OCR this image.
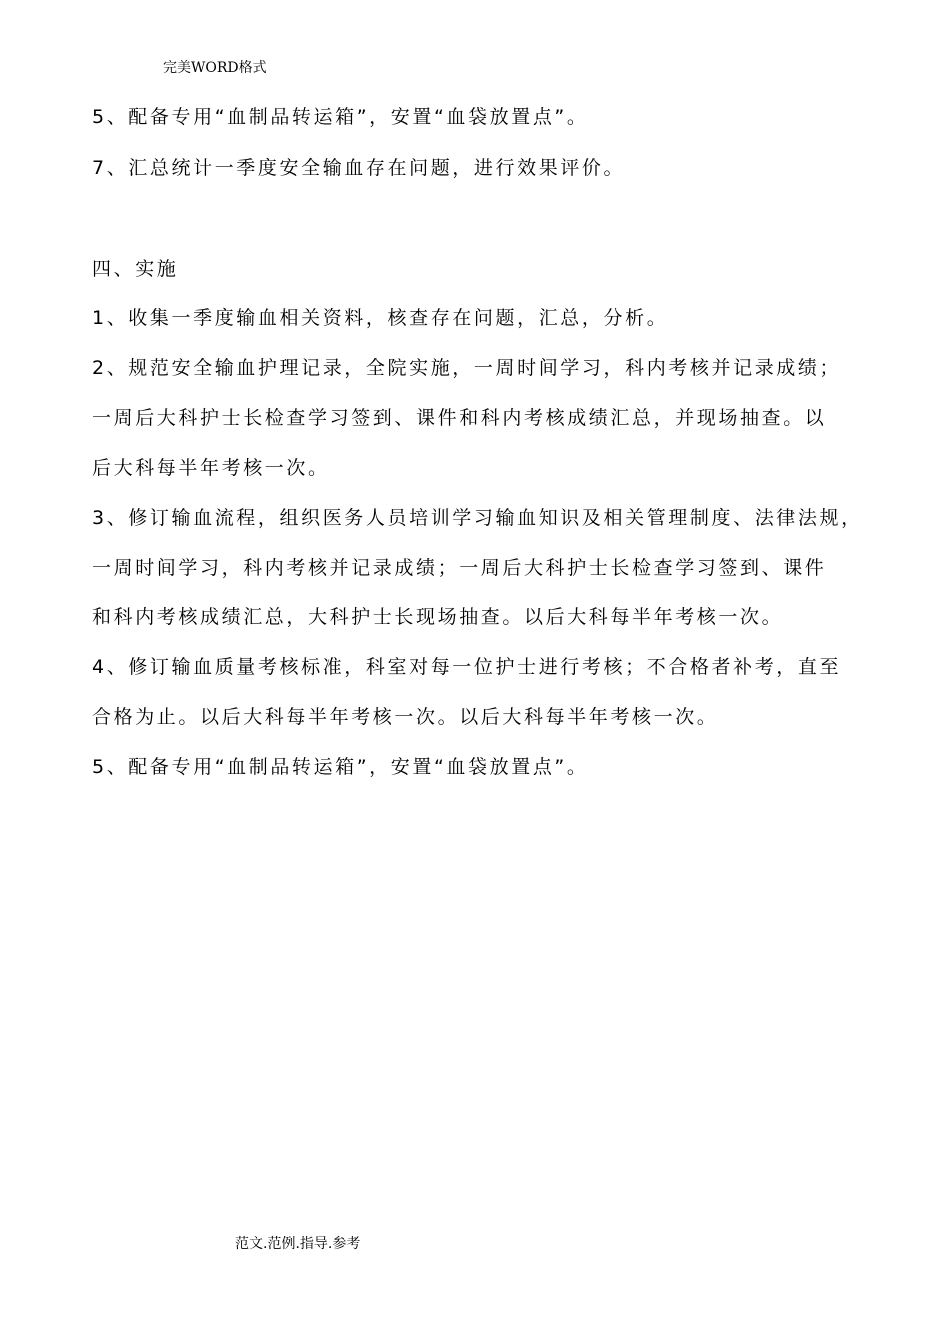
完美WORD格式
5、配备专用“血制品转运箱”，安置“血袋放置点”。
7、汇总统计一季度安全输血存在问题，进行效果评价。
四、实施
1、收集一季度输血相关资料，核查存在问题，汇总，分析。
2、规范安全输血护理记录，全院实施，一周时间学习，科内考核并记录成绩；
一周后大科护士长检查学习签到、课件和科内考核成绩汇总，并现场抽查。以
后大科每半年考核一次。
3、修订输血流程，组织医务人员培训学习输血知识及相关管理制度、法律法规，
一周时间学习，科内考核并记录成绩；一周后大科护士长检查学习签到、课件
和科内考核成绩汇总，大科护士长现场抽查。以后大科每半年考核一次。
4、修订输血质量考核标准，科室对每一位护士进行考核；不合格者补考，直至
合格为止。以后大科每半年考核一次。以后大科每半年考核一次。
5、配备专用“血制品转运箱”，安置“血袋放置点”。
范文.范例.指导.参考
